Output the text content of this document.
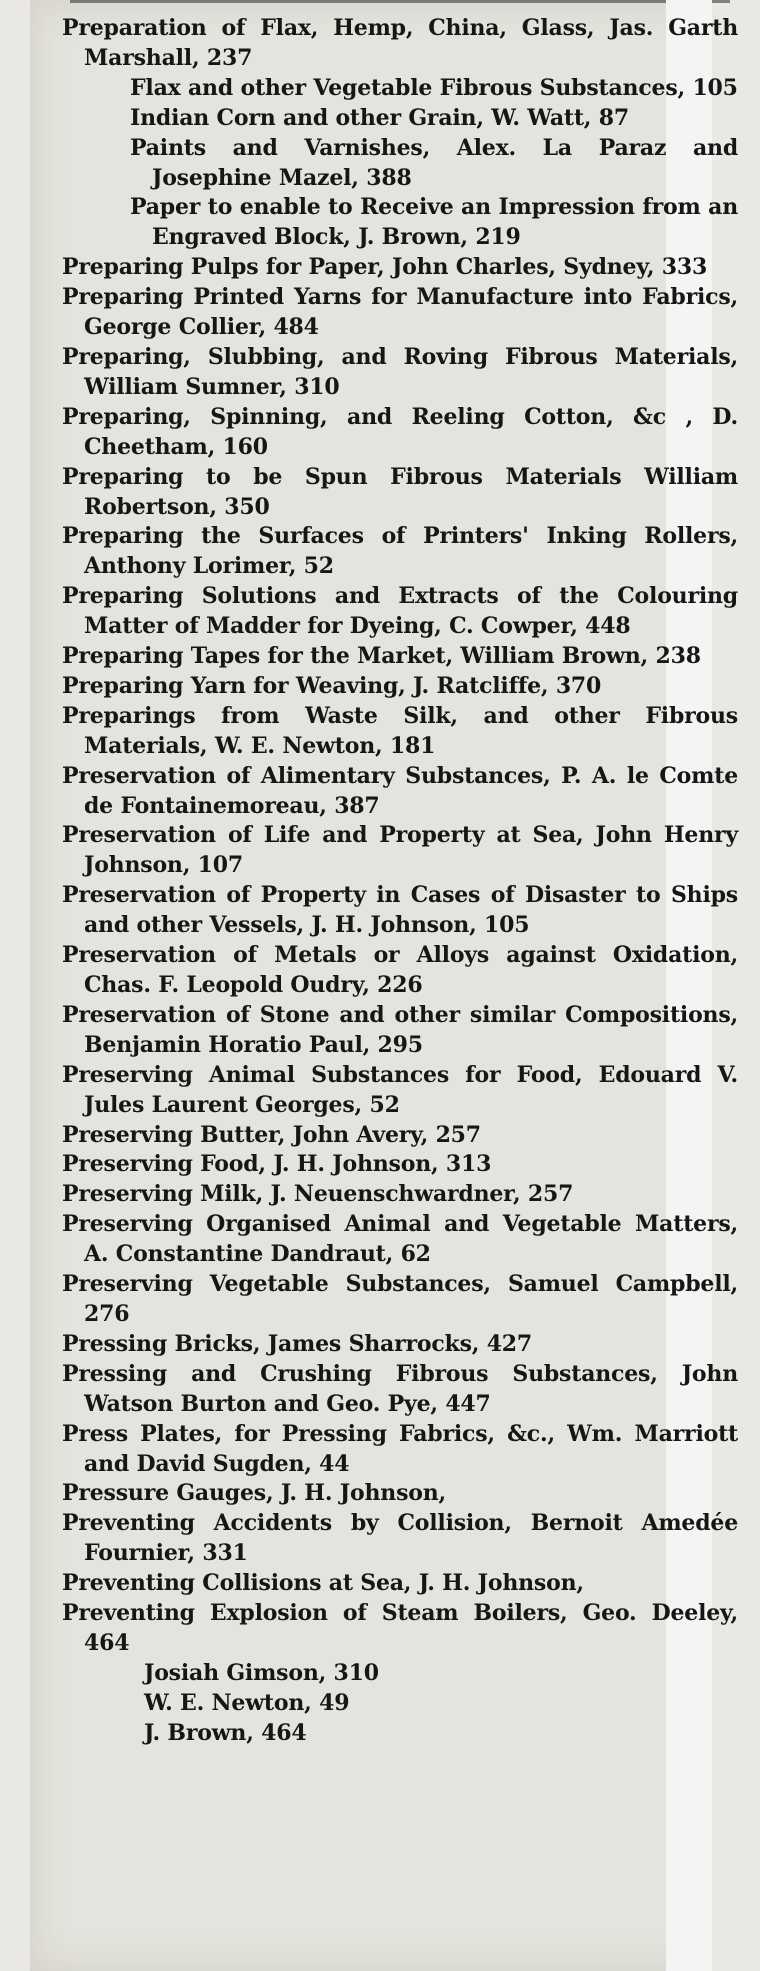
Preparation of Flax, Hemp, China, Glass, Jas. Garth Marshall, 237

Flax and other Vegetable Fibrous Substances, 105

Indian Corn and other Grain, W. Watt, 87

Paints and Varnishes, Alex. La Paraz and Josephine Mazel, 388

Paper to enable to Receive an Impression from an Engraved Block, J. Brown, 219

Preparing Pulps for Paper, John Charles, Sydney, 333

Preparing Printed Yarns for Manufacture into Fabrics, George Collier, 484

Preparing, Slubbing, and Roving Fibrous Materials, William Sumner, 310

Preparing, Spinning, and Reeling Cotton, &c , D. Cheetham, 160

Preparing to be Spun Fibrous Materials William Robertson, 350

Preparing the Surfaces of Printers' Inking Rollers, Anthony Lorimer, 52

Preparing Solutions and Extracts of the Colouring Matter of Madder for Dyeing, C. Cowper, 448

Preparing Tapes for the Market, William Brown, 238

Preparing Yarn for Weaving, J. Ratcliffe, 370

Preparings from Waste Silk, and other Fibrous Materials, W. E. Newton, 181

Preservation of Alimentary Substances, P. A. le Comte de Fontainemoreau, 387

Preservation of Life and Property at Sea, John Henry Johnson, 107

Preservation of Property in Cases of Disaster to Ships and other Vessels, J. H. Johnson, 105

Preservation of Metals or Alloys against Oxidation, Chas. F. Leopold Oudry, 226

Preservation of Stone and other similar Compositions, Benjamin Horatio Paul, 295

Preserving Animal Substances for Food, Edouard V. Jules Laurent Georges, 52

Preserving Butter, John Avery, 257

Preserving Food, J. H. Johnson, 313

Preserving Milk, J. Neuenschwardner, 257

Preserving Organised Animal and Vegetable Matters, A. Constantine Dandraut, 62

Preserving Vegetable Substances, Samuel Campbell, 276

Pressing Bricks, James Sharrocks, 427

Pressing and Crushing Fibrous Substances, John Watson Burton and Geo. Pye, 447

Press Plates, for Pressing Fabrics, &c., Wm. Marriott and David Sugden, 44

Pressure Gauges, J. H. Johnson,

Preventing Accidents by Collision, Bernoit Amedée Fournier, 331

Preventing Collisions at Sea, J. H. Johnson,

Preventing Explosion of Steam Boilers, Geo. Deeley, 464

Josiah Gimson, 310

W. E. Newton, 49

J. Brown, 464
